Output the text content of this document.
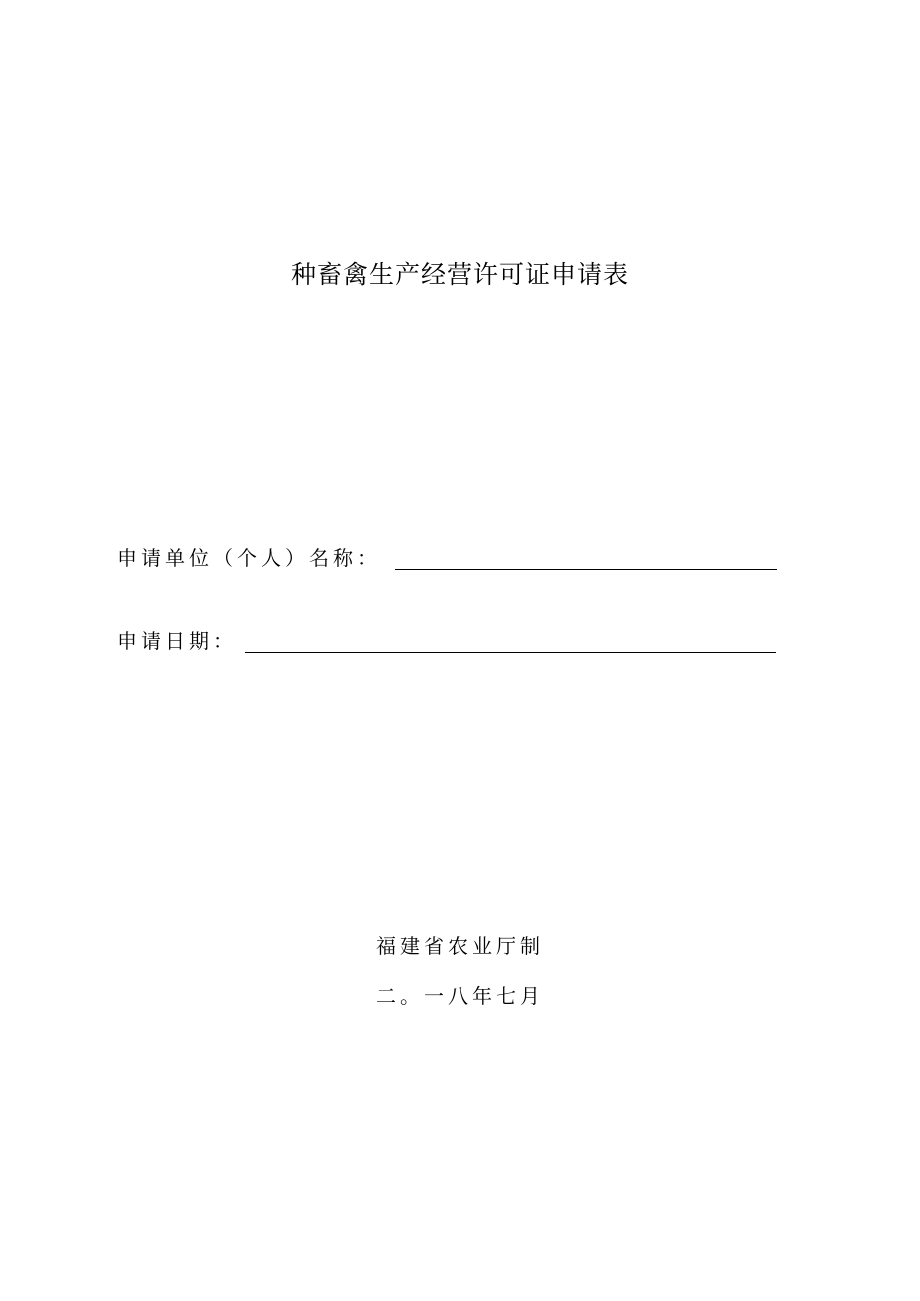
种畜禽生产经营许可证申请表
申请单位（个人）名称：
申请日期：
福建省农业厅制
二。一八年七月
